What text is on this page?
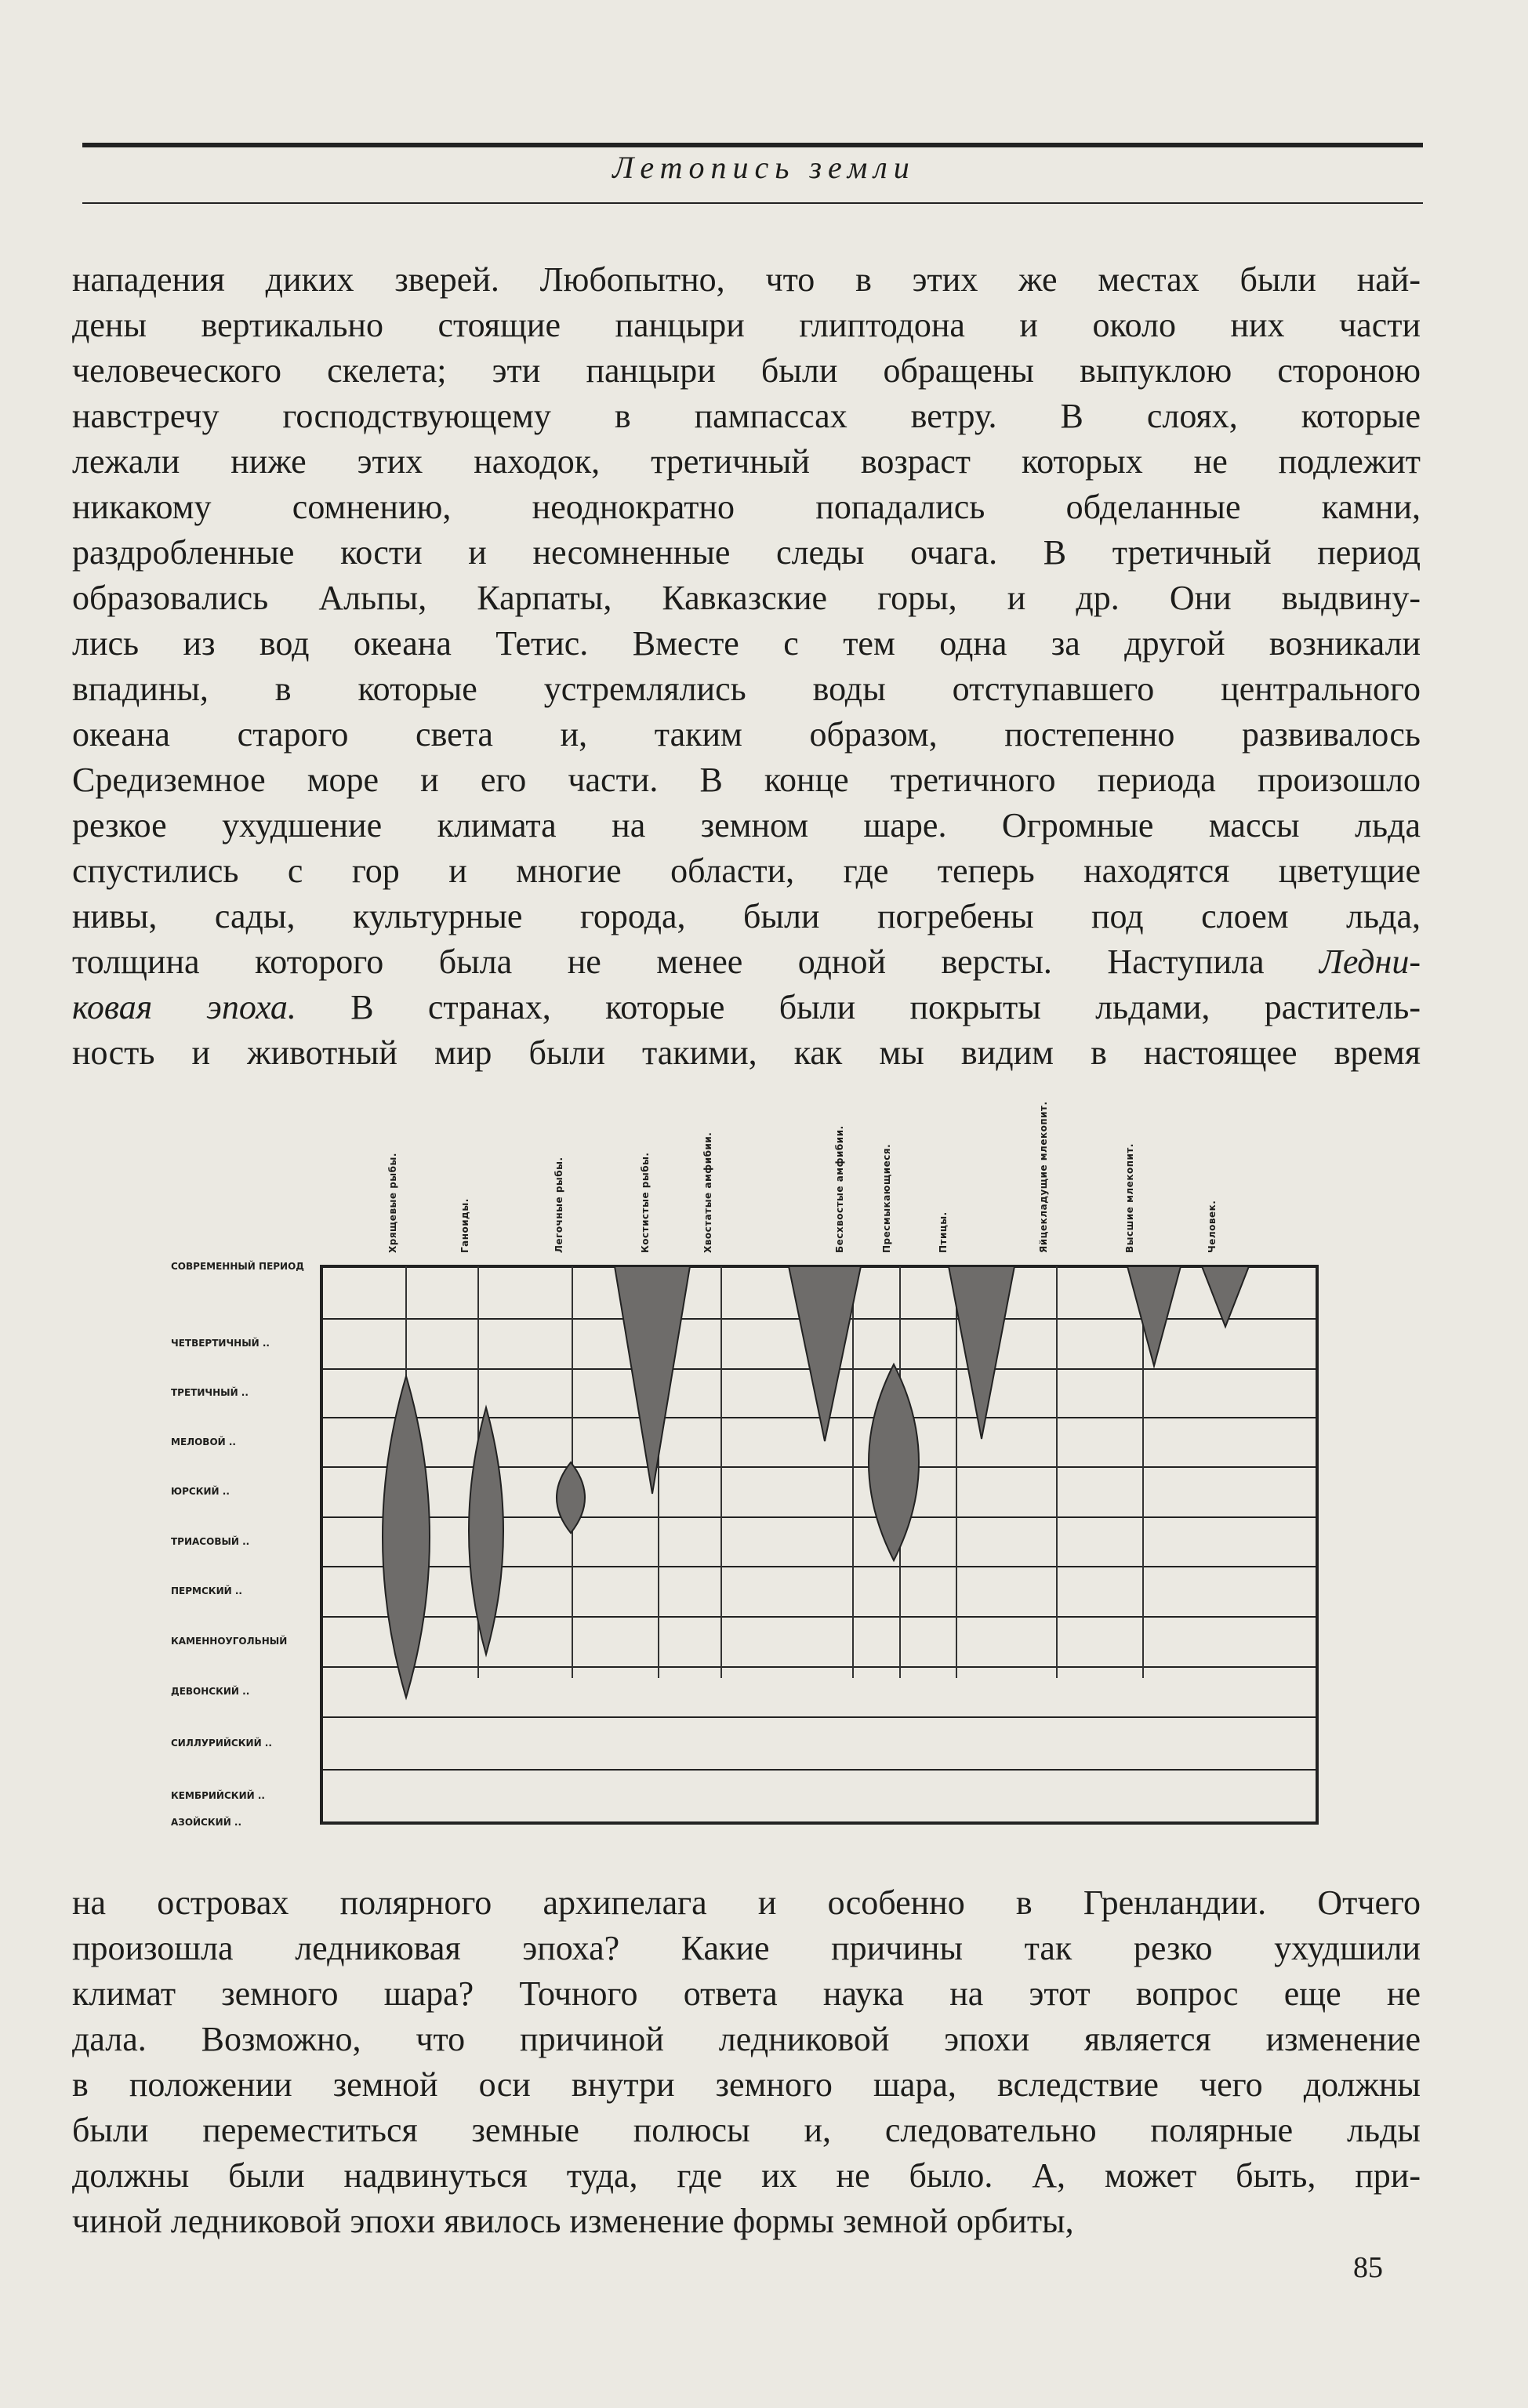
Летопись земли
нападения диких зверей. Любопытно, что в этих же местах были най-
дены вертикально стоящие панцыри глиптодона и около них части
человеческого скелета; эти панцыри были обращены выпуклою стороною
навстречу господствующему в пампассах ветру. В слоях, которые
лежали ниже этих находок, третичный возраст которых не подлежит
никакому сомнению, неоднократно попадались обделанные камни,
раздробленные кости и несомненные следы очага. В третичный период
образовались Альпы, Карпаты, Кавказские горы, и др. Они выдвину-
лись из вод океана Тетис. Вместе с тем одна за другой возникали
впадины, в которые устремлялись воды отступавшего центрального
океана старого света и, таким образом, постепенно развивалось
Средиземное море и его части. В конце третичного периода произошло
резкое ухудшение климата на земном шаре. Огромные массы льда
спустились с гор и многие области, где теперь находятся цветущие
нивы, сады, культурные города, были погребены под слоем льда,
толщина которого была не менее одной версты. Наступила Ледни-
ковая эпоха. В странах, которые были покрыты льдами, раститель-
ность и животный мир были такими, как мы видим в настоящее время
Хрящевые рыбы.	Ганоиды.	Легочные рыбы.	Костистые рыбы.	Хвостатые амфибии.	Бесхвостые амфибии.	Пресмыкающиеся.	Птицы.	Яйцекладущие млекопит.	Высшие млекопит.	Человек.
СОВРЕМЕННЫЙ ПЕРИОД
ЧЕТВЕРТИЧНЫЙ ..
ТРЕТИЧНЫЙ ..
МЕЛОВОЙ ..
ЮРСКИЙ ..
ТРИАСОВЫЙ ..
ПЕРМСКИЙ ..
КАМЕННОУГОЛЬНЫЙ
ДЕВОНСКИЙ ..
СИЛЛУРИЙСКИЙ ..
КЕМБРИЙСКИЙ ..
АЗОЙСКИЙ ..
на островах полярного архипелага и особенно в Гренландии. Отчего
произошла ледниковая эпоха? Какие причины так резко ухудшили
климат земного шара? Точного ответа наука на этот вопрос еще не
дала. Возможно, что причиной ледниковой эпохи является изменение
в положении земной оси внутри земного шара, вследствие чего должны
были переместиться земные полюсы и, следовательно полярные льды
должны были надвинуться туда, где их не было. А, может быть, при-
чиной ледниковой эпохи явилось изменение формы земной орбиты,
85
